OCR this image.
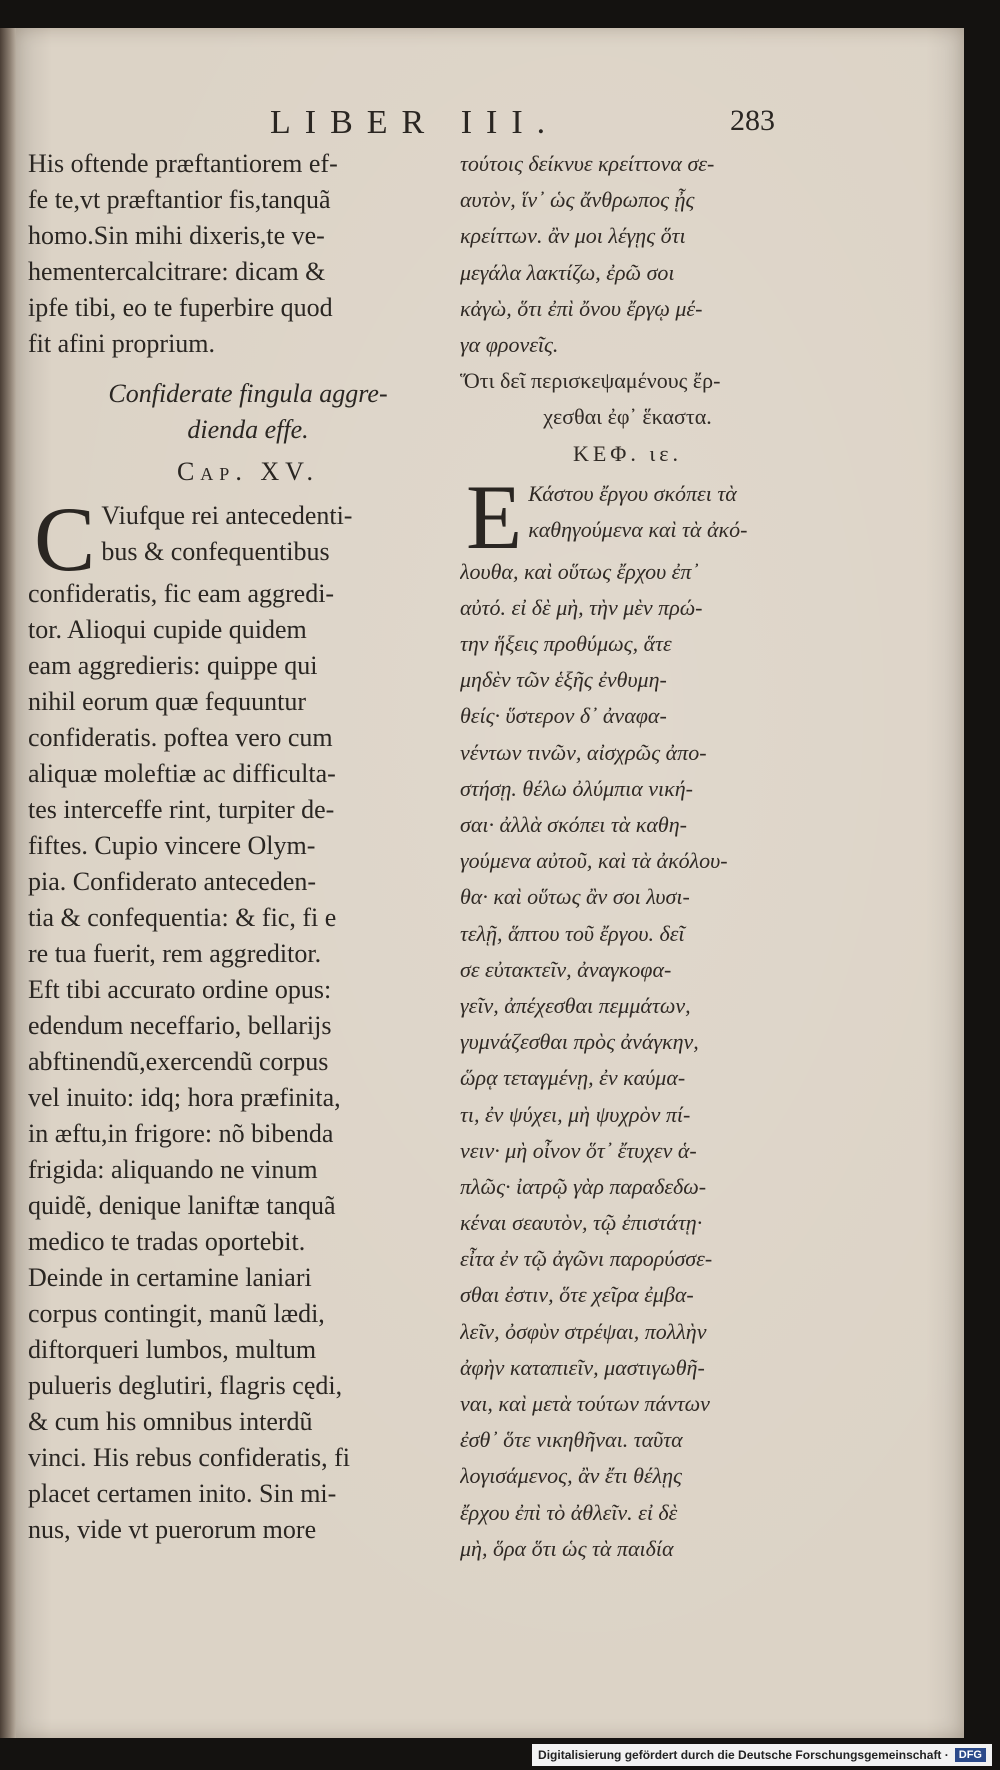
LIBER III.	283
His oftende præftantiorem ef-
fe te,vt præftantior fis,tanquã
homo.Sin mihi dixeris,te ve-
hementercalcitrare: dicam &
ipfe tibi, eo te fuperbire quod
fit afini proprium.
Confiderate fingula aggre-
dienda effe.
Cap. XV.
C Viufque rei antecedenti-
bus & confequentibus
confideratis, fic eam aggredi-
tor. Alioqui cupide quidem
eam aggredieris: quippe qui
nihil eorum quæ fequuntur
confideratis. poftea vero cum
aliquæ moleftiæ ac difficulta-
tes interceffe rint, turpiter de-
fiftes. Cupio vincere Olym-
pia. Confiderato anteceden-
tia & confequentia: & fic, fi e
re tua fuerit, rem aggreditor.
Eft tibi accurato ordine opus:
edendum neceffario, bellarijs
abftinendũ,exercendũ corpus
vel inuito: idq; hora præfinita,
in æftu,in frigore: nõ bibenda
frigida: aliquando ne vinum
quidẽ, denique laniftæ tanquã
medico te tradas oportebit.
Deinde in certamine laniari
corpus contingit, manũ lædi,
diftorqueri lumbos, multum
pulueris deglutiri, flagris cędi,
& cum his omnibus interdũ
vinci. His rebus confideratis, fi
placet certamen inito. Sin mi-
nus, vide vt puerorum more
τούτοις δείκνυε κρείττονα σε-
αυτὸν, ἵν᾽ ὡς ἄνθρωπος ᾖς
κρείττων. ἂν μοι λέγῃς ὅτι
μεγάλα λακτίζω, ἐρῶ σοι
κἀγὼ, ὅτι ἐπὶ ὄνου ἔργῳ μέ-
γα φρονεῖς.
Ὅτι δεῖ περισκεψαμένους ἔρ-
χεσθαι ἐφ᾽ ἕκαστα.
ΚΕΦ. ιε.
Ε Κάστου ἔργου σκόπει τὰ
καθηγούμενα καὶ τὰ ἀκό-
λουθα, καὶ οὕτως ἔρχου ἐπ᾽
αὐτό. εἰ δὲ μὴ, τὴν μὲν πρώ-
την ἥξεις προθύμως, ἅτε
μηδὲν τῶν ἑξῆς ἐνθυμη-
θείς· ὕστερον δ᾽ ἀναφα-
νέντων τινῶν, αἰσχρῶς ἀπο-
στήσῃ. θέλω ὀλύμπια νική-
σαι· ἀλλὰ σκόπει τὰ καθη-
γούμενα αὐτοῦ, καὶ τὰ ἀκόλου-
θα· καὶ οὕτως ἂν σοι λυσι-
τελῇ, ἅπτου τοῦ ἔργου. δεῖ
σε εὐτακτεῖν, ἀναγκοφα-
γεῖν, ἀπέχεσθαι πεμμάτων,
γυμνάζεσθαι πρὸς ἀνάγκην,
ὥρᾳ τεταγμένῃ, ἐν καύμα-
τι, ἐν ψύχει, μὴ ψυχρὸν πί-
νειν· μὴ οἶνον ὅτ᾽ ἔτυχεν ἁ-
πλῶς· ἰατρῷ γὰρ παραδεδω-
κέναι σεαυτὸν, τῷ ἐπιστάτῃ·
εἶτα ἐν τῷ ἀγῶνι παρορύσσε-
σθαι ἐστιν, ὅτε χεῖρα ἐμβα-
λεῖν, ὀσφὺν στρέψαι, πολλὴν
ἀφὴν καταπιεῖν, μαστιγωθῆ-
ναι, καὶ μετὰ τούτων πάντων
ἐσθ᾽ ὅτε νικηθῆναι. ταῦτα
λογισάμενος, ἂν ἔτι θέλῃς
ἔρχου ἐπὶ τὸ ἀθλεῖν. εἰ δὲ
μὴ, ὅρα ὅτι ὡς τὰ παιδία
Digitalisierung gefördert durch die Deutsche Forschungsgemeinschaft · DFG
